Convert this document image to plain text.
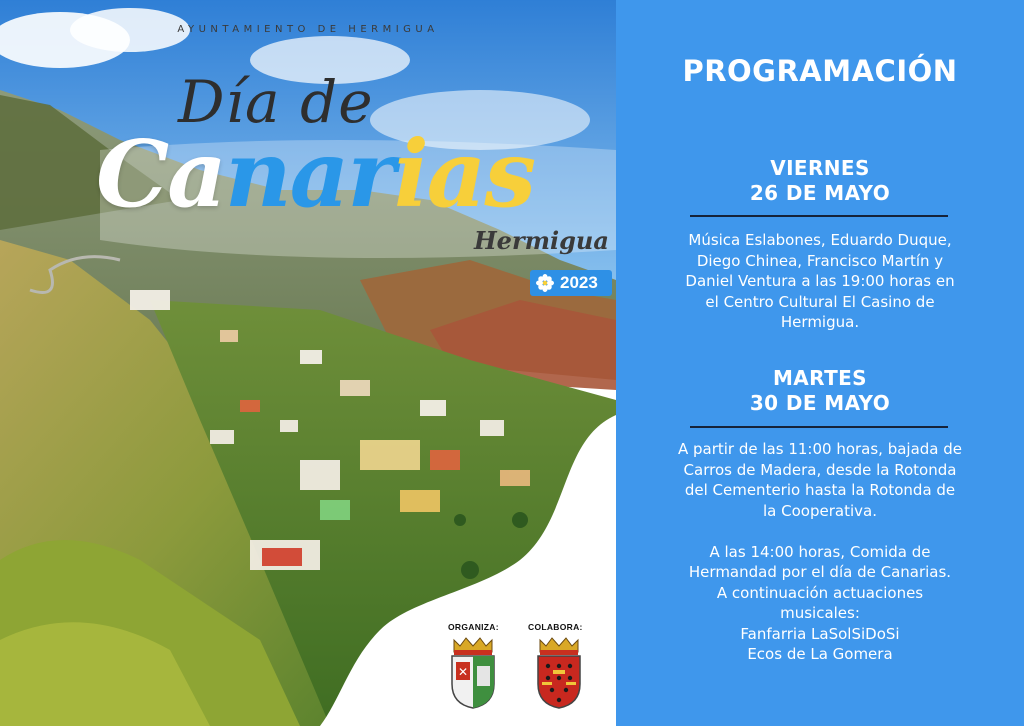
AYUNTAMIENTO DE HERMIGUA
Día de
Canarias
Hermigua
2023
ORGANIZA:	COLABORA:
✕
PROGRAMACIÓN
VIERNES
26 DE MAYO
Música Eslabones, Eduardo Duque,
Diego Chinea, Francisco Martín y
Daniel Ventura a las 19:00 horas en
el Centro Cultural El Casino de
Hermigua.
MARTES
30 DE MAYO
A partir de las 11:00 horas, bajada de
Carros de Madera, desde la Rotonda
del Cementerio hasta la Rotonda de
la Cooperativa.

A las 14:00 horas, Comida de
Hermandad por el día de Canarias.
A continuación actuaciones
musicales:
Fanfarria LaSolSiDoSi
Ecos de La Gomera
